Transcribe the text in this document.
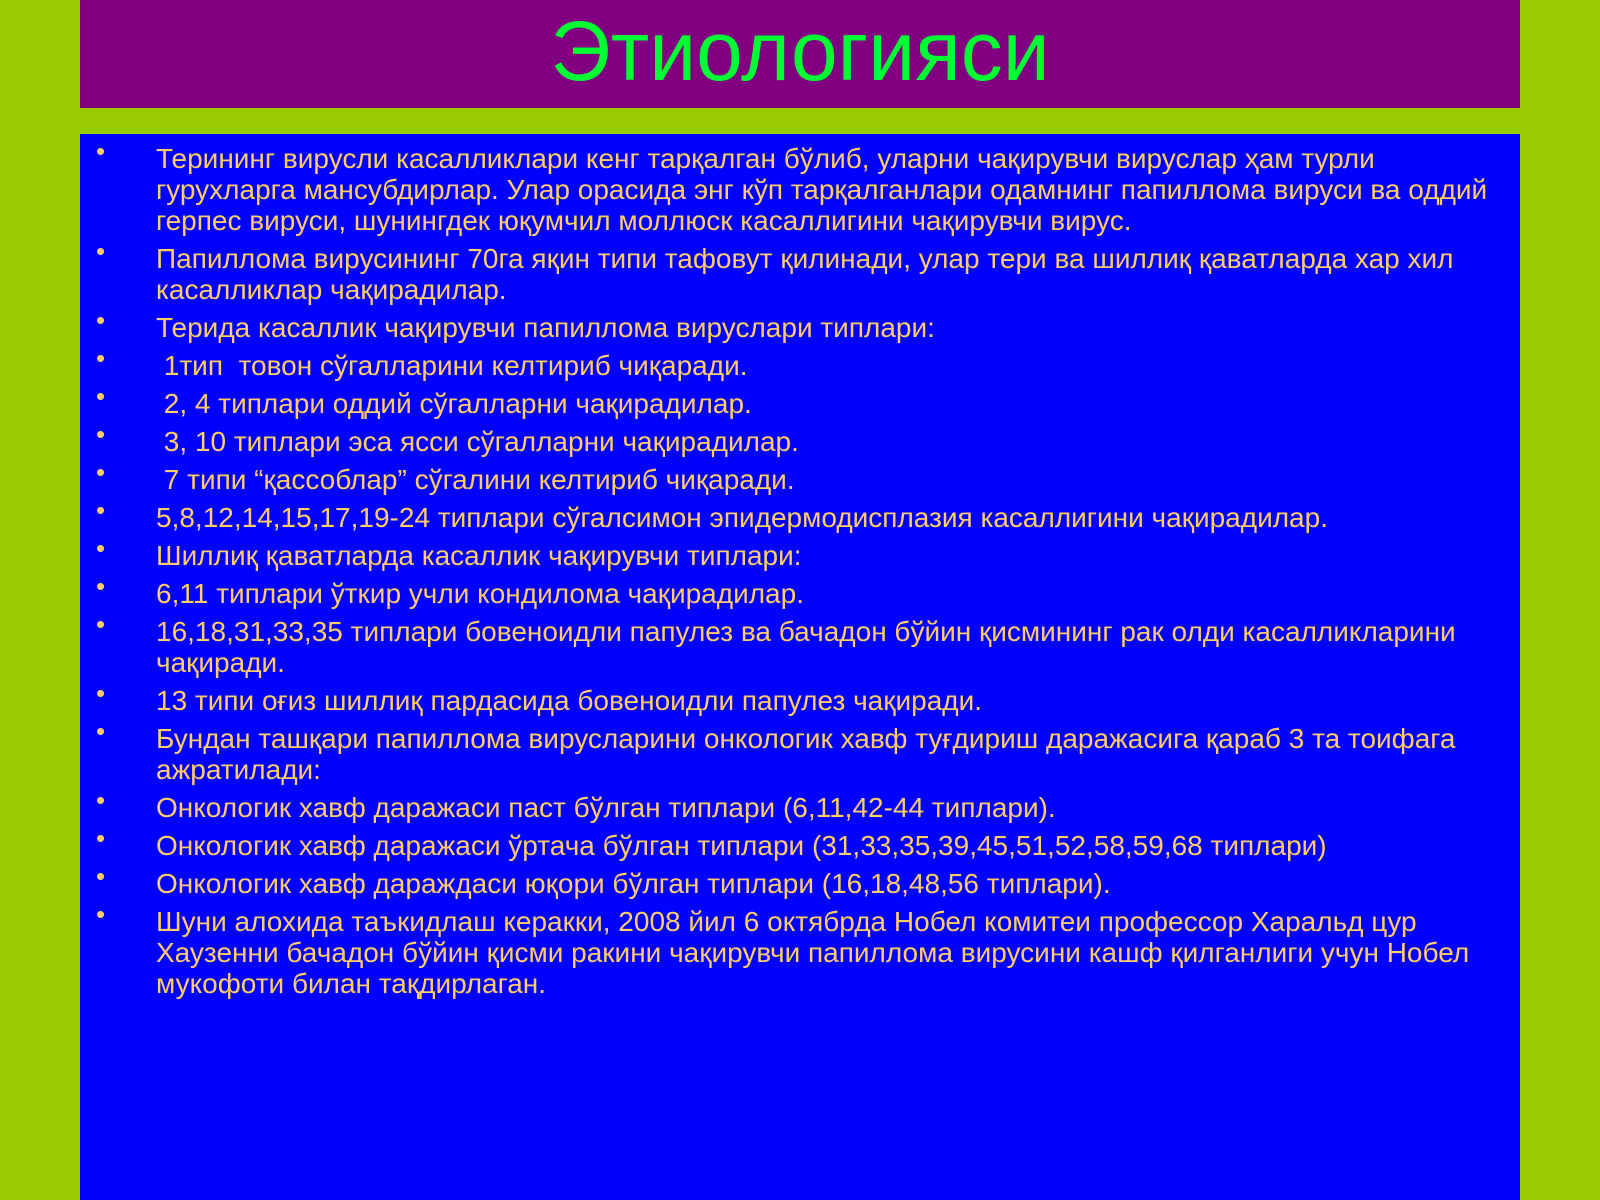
Этиологияси
• Терининг вирусли касалликлари кенг тарқалган бўлиб, уларни чақирувчи вируслар ҳам турли гурухларга мансубдирлар. Улар орасида энг кўп тарқалганлари одамнинг папиллома вируси ва оддий герпес вируси, шунингдек юқумчил моллюск касаллигини чақирувчи вирус.
• Папиллома вирусининг 70га яқин типи тафовут қилинади, улар тери ва шиллиқ қаватларда хар хил касалликлар чақирадилар.
• Терида касаллик чақирувчи папиллома вируслари типлари:
• 1тип  товон сўгалларини келтириб чиқаради.
• 2, 4 типлари оддий сўгалларни чақирадилар.
• 3, 10 типлари эса ясси сўгалларни чақирадилар.
• 7 типи “қассоблар” сўгалини келтириб чиқаради.
• 5,8,12,14,15,17,19-24 типлари сўгалсимон эпидермодисплазия касаллигини чақирадилар.
• Шиллиқ қаватларда касаллик чақирувчи типлари:
• 6,11 типлари ўткир учли кондилома чақирадилар.
• 16,18,31,33,35 типлари бовеноидли папулез ва бачадон бўйин қисмининг рак олди касалликларини чақиради.
• 13 типи оғиз шиллиқ пардасида бовеноидли папулез чақиради.
• Бундан ташқари папиллома вирусларини онкологик хавф туғдириш даражасига қараб 3 та тоифага ажратилади:
• Онкологик хавф даражаси паст бўлган типлари (6,11,42-44 типлари).
• Онкологик хавф даражаси ўртача бўлган типлари (31,33,35,39,45,51,52,58,59,68 типлари)
• Онкологик хавф дараждаси юқори бўлган типлари (16,18,48,56 типлари).
• Шуни алохида таъкидлаш керакки, 2008 йил 6 октябрда Нобел комитеи профессор Харальд цур Хаузенни бачадон бўйин қисми ракини чақирувчи папиллома вирусини кашф қилганлиги учун Нобел мукофоти билан тақдирлаган.
